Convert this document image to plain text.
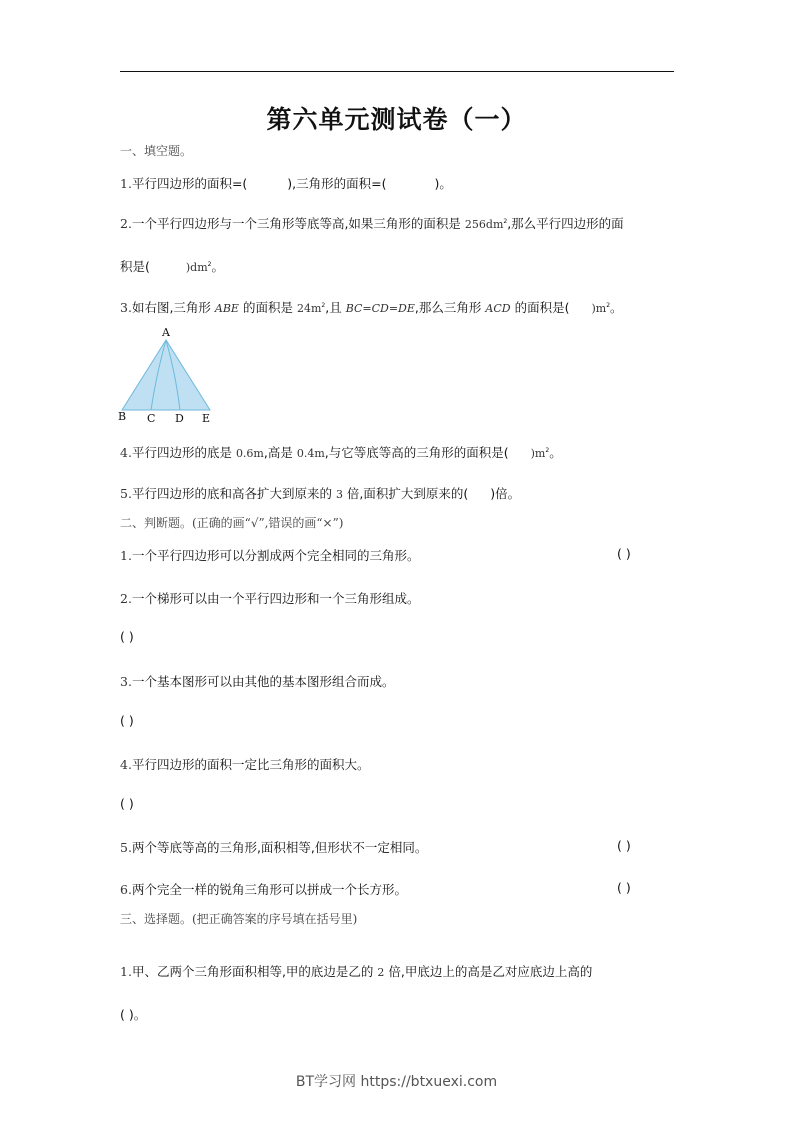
第六单元测试卷（一）
一、填空题。
1.平行四边形的面积=(	),三角形的面积=(	)。
2.一个平行四边形与一个三角形等底等高,如果三角形的面积是 $256dm^2$,那么平行四边形的面
积是(	)$dm^2$。
3.如右图,三角形 ABE 的面积是 $24m^2$,且 BC=CD=DE,那么三角形 ACD 的面积是( )$m^2$。
A
B C D E
4.平行四边形的底是 0.6m,高是 0.4m,与它等底等高的三角形的面积是( )$m^2$。
5.平行四边形的底和高各扩大到原来的 3 倍,面积扩大到原来的( )倍。
二、判断题。(正确的画“√”,错误的画“×”)
1.一个平行四边形可以分割成两个完全相同的三角形。	( )
2.一个梯形可以由一个平行四边形和一个三角形组成。
( )
3.一个基本图形可以由其他的基本图形组合而成。
( )
4.平行四边形的面积一定比三角形的面积大。
( )
5.两个等底等高的三角形,面积相等,但形状不一定相同。	( )
6.两个完全一样的锐角三角形可以拼成一个长方形。	( )
三、选择题。(把正确答案的序号填在括号里)
1.甲、乙两个三角形面积相等,甲的底边是乙的 2 倍,甲底边上的高是乙对应底边上高的
( )。
BT学习网 https://btxuexi.com
